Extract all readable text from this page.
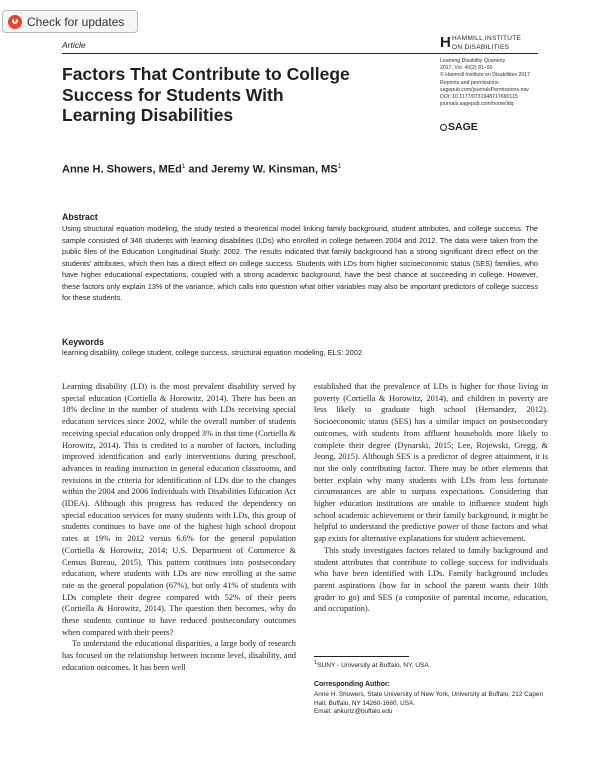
Check for updates
Article	Н HAMMILL INSTITUTE
ON DISABILITIES
Learning Disability Quarterly
2017, Vol. 40(2) 81–90
© Hammill Institute on Disabilities 2017
Reprints and permissions:
sagepub.com/journalsPermissions.nav
DOI: 10.1177/0731948717690115
journals.sagepub.com/home/ldq
SAGE
Factors That Contribute to College Success for Students With Learning Disabilities
Anne H. Showers, MEd$^1$ and Jeremy W. Kinsman, $MS^1$
Abstract
Using structural equation modeling, the study tested a theoretical model linking family background, student attributes, and college success. The sample consisted of 346 students with learning disabilities (LDs) who enrolled in college between 2004 and 2012. The data were taken from the public files of the Education Longitudinal Study: 2002. The results indicated that family background has a strong significant direct effect on the students' attributes, which then has a direct effect on college success. Students with LDs from higher socioeconomic status (SES) families, who have higher educational expectations, coupled with a strong academic background, have the best chance at succeeding in college. However, these factors only explain 13% of the variance, which calls into question what other variables may also be important predictors of college success for these students.
Keywords
learning disability, college student, college success, structural equation modeling, ELS: 2002

Learning disability (LD) is the most prevalent disability served by special education (Cortiella & Horowitz, 2014). There has been an 18% decline in the number of students with LDs receiving special education services since 2002, while the overall number of students receiving special education only dropped 3% in that time (Cortiella & Horowitz, 2014). This is credited to a number of factors, including improved identification and early interventions during preschool, advances in reading instruction in general education classrooms, and revisions in the criteria for identification of LDs due to the changes within the 2004 and 2006 Individuals with Disabilities Education Act (IDEA). Although this progress has reduced the dependency on special education services for many students with LDs, this group of students continues to have one of the highest high school dropout rates at 19% in 2012 versus 6.6% for the general population (Cortiella & Horowitz, 2014; U.S. Department of Commerce & Census Bureau, 2015). This pattern continues into postsecondary education, where students with LDs are now enrolling at the same rate as the general population (67%), but only 41% of students with LDs complete their degree compared with 52% of their peers (Cortiella & Horowitz, 2014). The question then becomes, why do these students continue to have reduced postsecondary outcomes when compared with their peers?

To understand the educational disparities, a large body of research has focused on the relationship between income level, disability, and education outcomes. It has been well

established that the prevalence of LDs is higher for those living in poverty (Cortiella & Horowitz, 2014), and children in poverty are less likely to graduate high school (Hernandez, 2012). Socioeconomic status (SES) has a similar impact on postsecondary outcomes, with students from affluent households more likely to complete their degree (Dynarski, 2015; Lee, Rojewski, Gregg, & Jeong, 2015). Although SES is a predictor of degree attainment, it is not the only contributing factor. There may be other elements that better explain why many students with LDs from less fortunate circumstances are able to surpass expectations. Considering that higher education institutions are unable to influence student high school academic achievement or their family background, it might be helpful to understand the predictive power of those factors and what gap exists for alternative explanations for student achievement.

This study investigates factors related to family background and student attributes that contribute to college success for individuals who have been identified with LDs. Family background includes parent aspirations (how far in school the parent wants their 10th grader to go) and SES (a composite of parental income, education, and occupation).

$^1$SUNY - University at Buffalo, NY, USA
Corresponding Author:
Anne H. Showers, State University of New York, University at Buffalo, 212 Capen Hall, Buffalo, NY 14260-1680, USA.
Email: ahkurtz@buffalo.edu
